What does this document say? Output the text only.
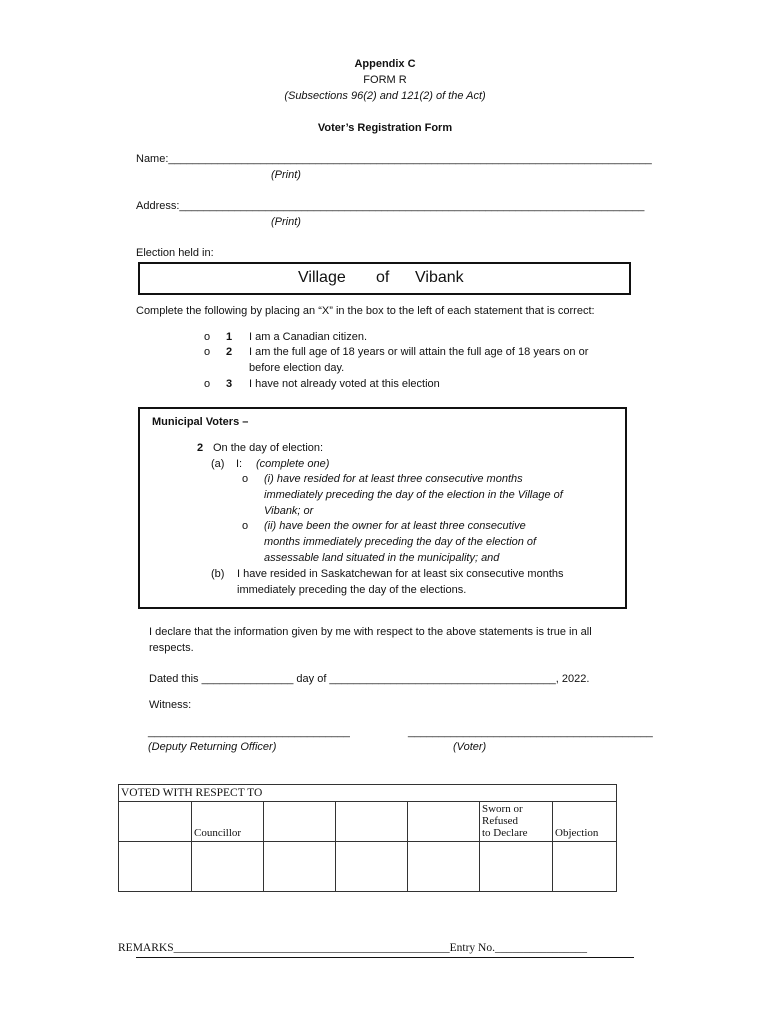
Appendix C
FORM R
(Subsections 96(2) and 121(2) of the Act)
Voter’s Registration Form
Name:_______________________________________________________________________________
(Print)
Address:____________________________________________________________________________
(Print)
Election held in:
Village of Vibank
Complete the following by placing an “X” in the box to the left of each statement that is correct:
o 1 I am a Canadian citizen.
o 2 I am the full age of 18 years or will attain the full age of 18 years on or
before election day.
o 3 I have not already voted at this election
Municipal Voters –
2 On the day of election:
(a) I: (complete one)
o (i) have resided for at least three consecutive months
immediately preceding the day of the election in the Village of
Vibank; or
o (ii) have been the owner for at least three consecutive
months immediately preceding the day of the election of
assessable land situated in the municipality; and
(b) I have resided in Saskatchewan for at least six consecutive months
immediately preceding the day of the elections.
I declare that the information given by me with respect to the above statements is true in all
respects.
Dated this _______________ day of _____________________________________, 2022.
Witness:
_________________________________	________________________________________
(Deputy Returning Officer)	(Voter)
VOTED WITH RESPECT TO						
	Councillor				Sworn or
Refused
to Declare	Objection

REMARKS________________________________________________Entry No.________________
